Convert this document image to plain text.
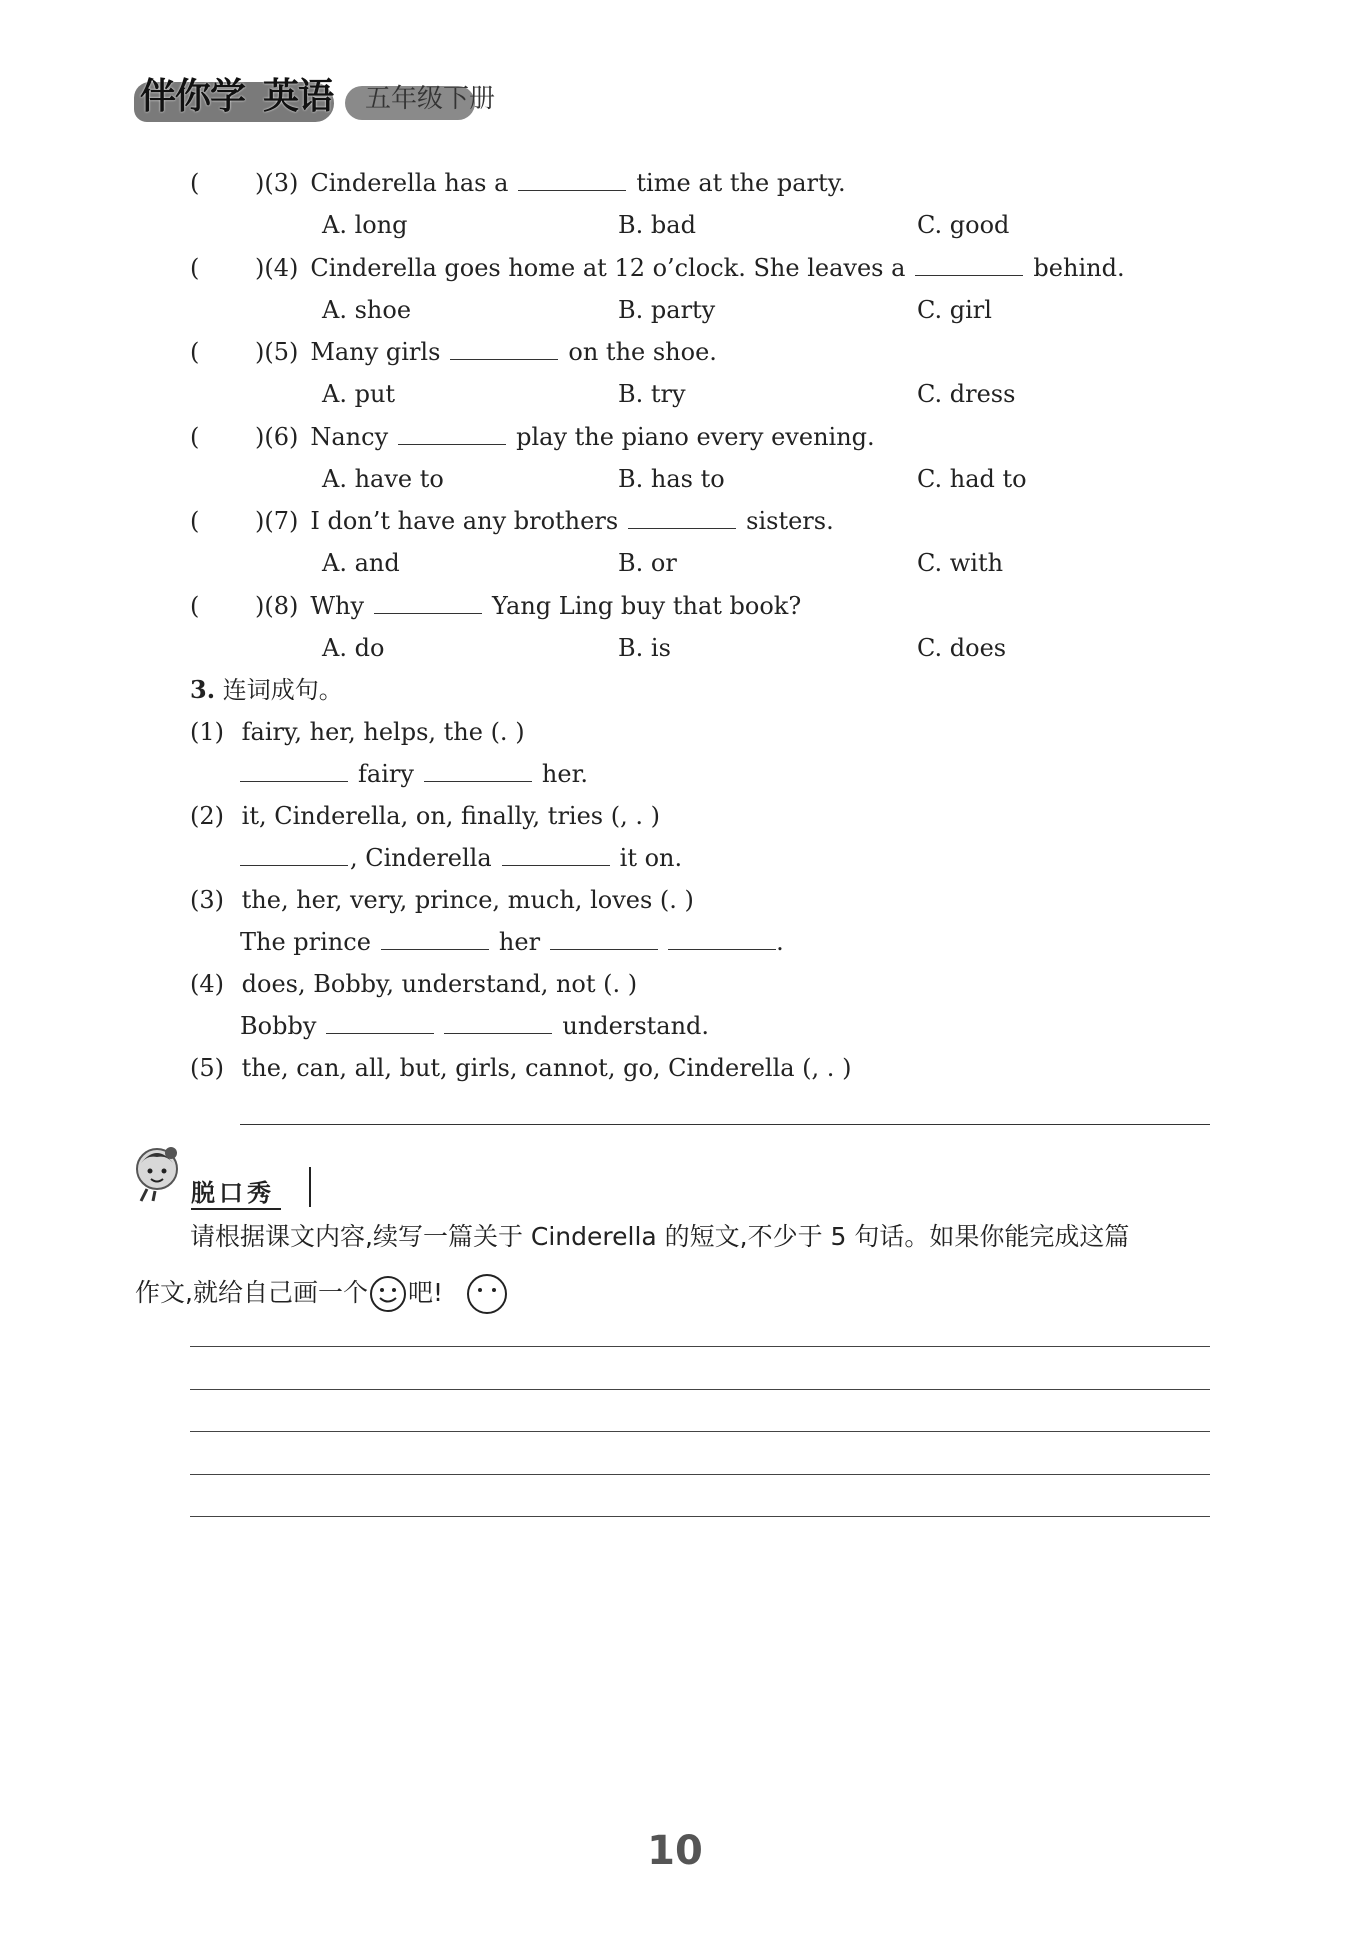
伴你学 英语 五年级下册
( )(3) Cinderella has a	time at the party.
A. long	B. bad	C. good
( )(4) Cinderella goes home at 12 o’clock. She leaves a	behind.
A. shoe	B. party	C. girl
( )(5) Many girls	on the shoe.
A. put	B. try	C. dress
( )(6) Nancy	play the piano every evening.
A. have to	B. has to	C. had to
( )(7) I don’t have any brothers	sisters.
A. and	B. or	C. with
( )(8) Why	Yang Ling buy that book?
A. do	B. is	C. does
3. 连词成句。
(1) fairy, her, helps, the (. )
fairy	her.
(2) it, Cinderella, on, finally, tries (, . )
, Cinderella	it on.
(3) the, her, very, prince, much, loves (. )
The prince	her	.
(4) does, Bobby, understand, not (. )
Bobby	understand.
(5) the, can, all, but, girls, cannot, go, Cinderella (, . )
脱口秀
请根据课文内容,续写一篇关于 Cinderella 的短文,不少于 5 句话。如果你能完成这篇
作文,就给自己画一个 吧!
10
